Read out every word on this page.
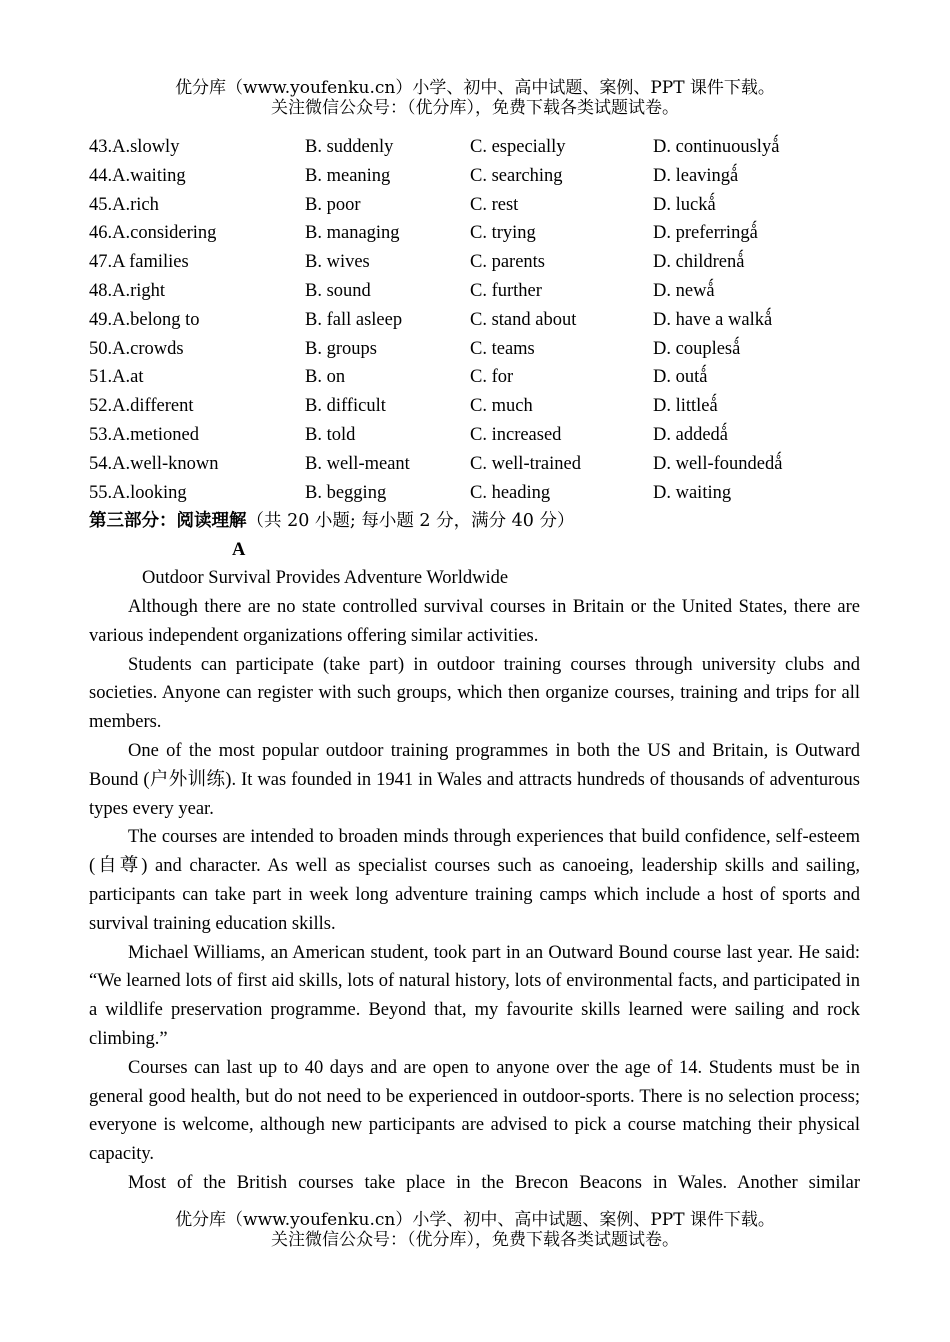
优分库（www.youfenku.cn）小学、初中、高中试题、案例、PPT 课件下载。
关注微信公众号：（优分库），免费下载各类试题试卷。
43.A.slowly	B. suddenly	C. especially	D. continuouslyǻ
44.A.waiting	B. meaning	C. searching	D. leavingǻ
45.A.rich	B. poor	C. rest	D. luckǻ
46.A.considering	B. managing	C. trying	D. preferringǻ
47.A families	B. wives	C. parents	D. childrenǻ
48.A.right	B. sound	C. further	D. newǻ
49.A.belong to	B. fall asleep	C. stand about	D. have a walkǻ
50.A.crowds	B. groups	C. teams	D. couplesǻ
51.A.at	B. on	C. for	D. outǻ
52.A.different	B. difficult	C. much	D. littleǻ
53.A.metioned	B. told	C. increased	D. addedǻ
54.A.well-known	B. well-meant	C. well-trained	D. well-foundedǻ
55.A.looking	B. begging	C. heading	D. waiting
第三部分：阅读理解（共 20 小题; 每小题 2 分，满分 40 分）
A
Outdoor Survival Provides Adventure Worldwide

Although there are no state controlled survival courses in Britain or the United States, there are various independent organizations offering similar activities.

Students can participate (take part) in outdoor training courses through university clubs and societies. Anyone can register with such groups, which then organize courses, training and trips for all members.

One of the most popular outdoor training programmes in both the US and Britain, is Outward Bound (户外训练). It was founded in 1941 in Wales and attracts hundreds of thousands of adventurous types every year.

The courses are intended to broaden minds through experiences that build confidence, self-esteem (自尊) and character. As well as specialist courses such as canoeing, leadership skills and sailing, participants can take part in week long adventure training camps which include a host of sports and survival training education skills.

Michael Williams, an American student, took part in an Outward Bound course last year. He said: “We learned lots of first aid skills, lots of natural history, lots of environmental facts, and participated in a wildlife preservation programme. Beyond that, my favourite skills learned were sailing and rock climbing.”

Courses can last up to 40 days and are open to anyone over the age of 14. Students must be in general good health, but do not need to be experienced in outdoor-sports. There is no selection process; everyone is welcome, although new participants are advised to pick a course matching their physical capacity.

Most of the British courses take place in the Brecon Beacons in Wales. Another similar

优分库（www.youfenku.cn）小学、初中、高中试题、案例、PPT 课件下载。
关注微信公众号：（优分库），免费下载各类试题试卷。
